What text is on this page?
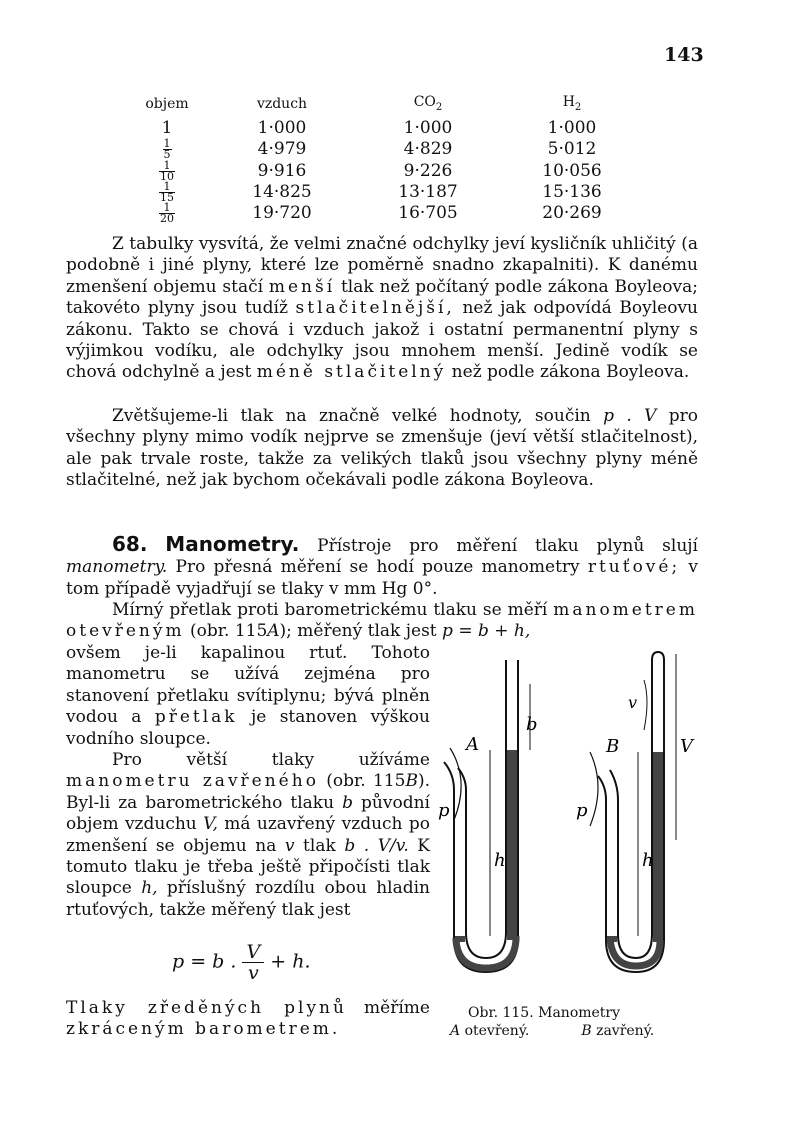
143
objem	vzduch	$CO_2$	$H_2$
1	1·000	1·000	1·000

$\frac{1}{5}$	4·979	4·829	5·012

$\frac{1}{10}$	9·916	9·226	10·056

$\frac{1}{15}$	14·825	13·187	15·136

$\frac{1}{20}$	19·720	16·705	20·269

Z tabulky vysvítá, že velmi značné odchylky jeví kysličník uhličitý (a podobně i jiné plyny, které lze poměrně snadno zkapalniti). K danému zmenšení objemu stačí menší tlak než počítaný podle zákona Boyleova; takovéto plyny jsou tudíž stlačitelnější, než jak odpovídá Boyleovu zákonu. Takto se chová i vzduch jakož i ostatní permanentní plyny s výjimkou vodíku, ale odchylky jsou mnohem menší. Jedině vodík se chová odchylně a jest méně stlačitelný než podle zákona Boyleova.

Zvětšujeme-li tlak na značně velké hodnoty, součin p . V pro všechny plyny mimo vodík nejprve se zmenšuje (jeví větší stlačitelnost), ale pak trvale roste, takže za velikých tlaků jsou všechny plyny méně stlačitelné, než jak bychom očekávali podle zákona Boyleova.

68. Manometry. Přístroje pro měření tlaku plynů slují manometry. Pro přesná měření se hodí pouze manometry rtuťové; v tom případě vyjadřují se tlaky v mm Hg 0°.

Mírný přetlak proti barometrickému tlaku se měří manometrem otevřeným (obr. 115A); měřený tlak jest p = b + h,

ovšem je-li kapalinou rtuť. Tohoto manometru se užívá zejména pro stanovení přetlaku svítiplynu; bývá plněn vodou a přetlak je stanoven výškou vodního sloupce.

Pro větší tlaky užíváme manometru zavřeného (obr. 115B). Byl-li za barometrického tlaku b původní objem vzduchu V, má uzavřený vzduch po zmenšení se objemu na v tlak b . V/v. K tomuto tlaku je třeba ještě připočísti tlak sloupce h, příslušný rozdílu obou hladin rtuťových, takže měřený tlak jest

p = b . $\frac{V}{v} + h$.

Tlaky zředěných plynů měříme zkráceným barometrem.

A
b
h
p
B
v
V
h
p
Obr. 115. Manometry
A otevřený.	B zavřený.
